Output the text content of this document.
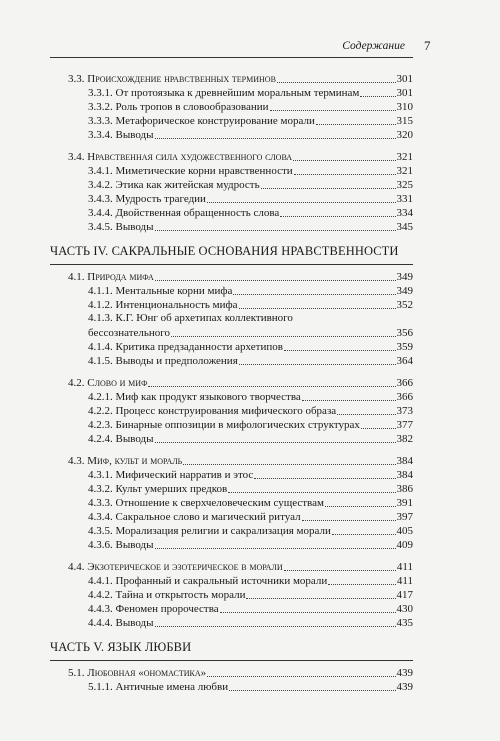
Содержание 7
3.3. Происхождение нравственных терминов	301
3.3.1. От протоязыка к древнейшим моральным терминам	301
3.3.2. Роль тропов в словообразовании	310
3.3.3. Метафорическое конструирование морали	315
3.3.4. Выводы	320
3.4. Нравственная сила художественного слова	321
3.4.1. Миметические корни нравственности	321
3.4.2. Этика как житейская мудрость	325
3.4.3. Мудрость трагедии	331
3.4.4. Двойственная обращенность слова	334
3.4.5. Выводы	345
ЧАСТЬ IV. САКРАЛЬНЫЕ ОСНОВАНИЯ НРАВСТВЕННОСТИ
4.1. Природа мифа	349
4.1.1. Ментальные корни мифа	349
4.1.2. Интенциональность мифа	352
4.1.3. К.Г. Юнг об архетипах коллективного
бессознательного	356
4.1.4. Критика предзаданности архетипов	359
4.1.5. Выводы и предположения	364
4.2. Слово и миф	366
4.2.1. Миф как продукт языкового творчества	366
4.2.2. Процесс конструирования мифического образа	373
4.2.3. Бинарные оппозиции в мифологических структурах	377
4.2.4. Выводы	382
4.3. Миф, культ и мораль	384
4.3.1. Мифический нарратив и этос	384
4.3.2. Культ умерших предков	386
4.3.3. Отношение к сверхчеловеческим существам	391
4.3.4. Сакральное слово и магический ритуал	397
4.3.5. Морализация религии и сакрализация морали	405
4.3.6. Выводы	409
4.4. Экзотерическое и эзотерическое в морали	411
4.4.1. Профанный и сакральный источники морали	411
4.4.2. Тайна и открытость морали	417
4.4.3. Феномен пророчества	430
4.4.4. Выводы	435
ЧАСТЬ V. ЯЗЫК ЛЮБВИ
5.1. Любовная «ономастика»	439
5.1.1. Античные имена любви	439
